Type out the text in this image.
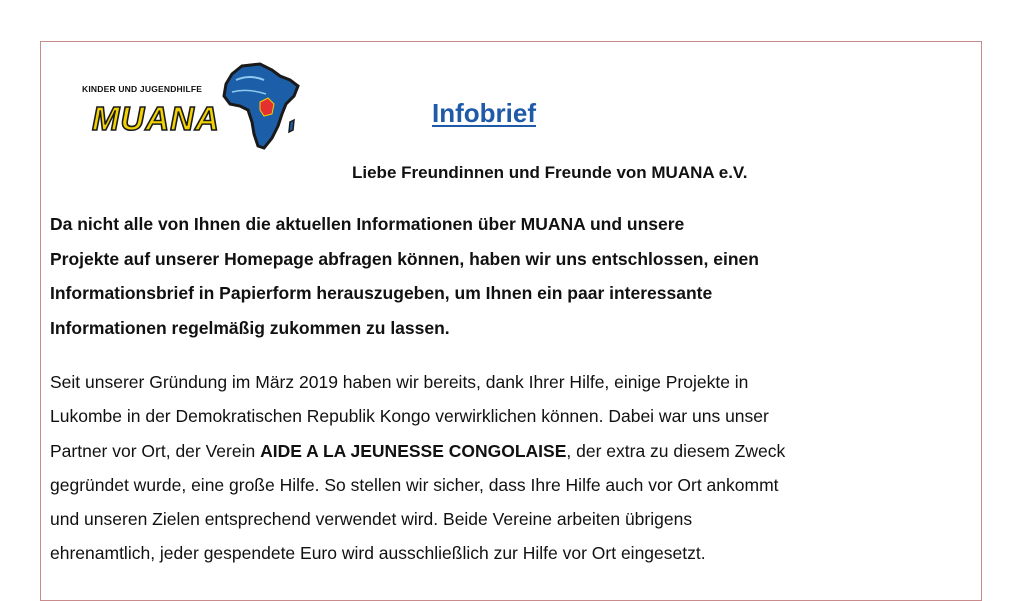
KINDER UND JUGENDHILFE
MUANA	Infobrief

Liebe Freundinnen und Freunde von MUANA e.V.

Da nicht alle von Ihnen die aktuellen Informationen über MUANA und unsere
Projekte auf unserer Homepage abfragen können, haben wir uns entschlossen, einen
Informationsbrief in Papierform herauszugeben, um Ihnen ein paar interessante
Informationen regelmäßig zukommen zu lassen.

Seit unserer Gründung im März 2019 haben wir bereits, dank Ihrer Hilfe, einige Projekte in
Lukombe in der Demokratischen Republik Kongo verwirklichen können. Dabei war uns unser
Partner vor Ort, der Verein AIDE A LA JEUNESSE CONGOLAISE, der extra zu diesem Zweck
gegründet wurde, eine große Hilfe. So stellen wir sicher, dass Ihre Hilfe auch vor Ort ankommt
und unseren Zielen entsprechend verwendet wird. Beide Vereine arbeiten übrigens
ehrenamtlich, jeder gespendete Euro wird ausschließlich zur Hilfe vor Ort eingesetzt.
